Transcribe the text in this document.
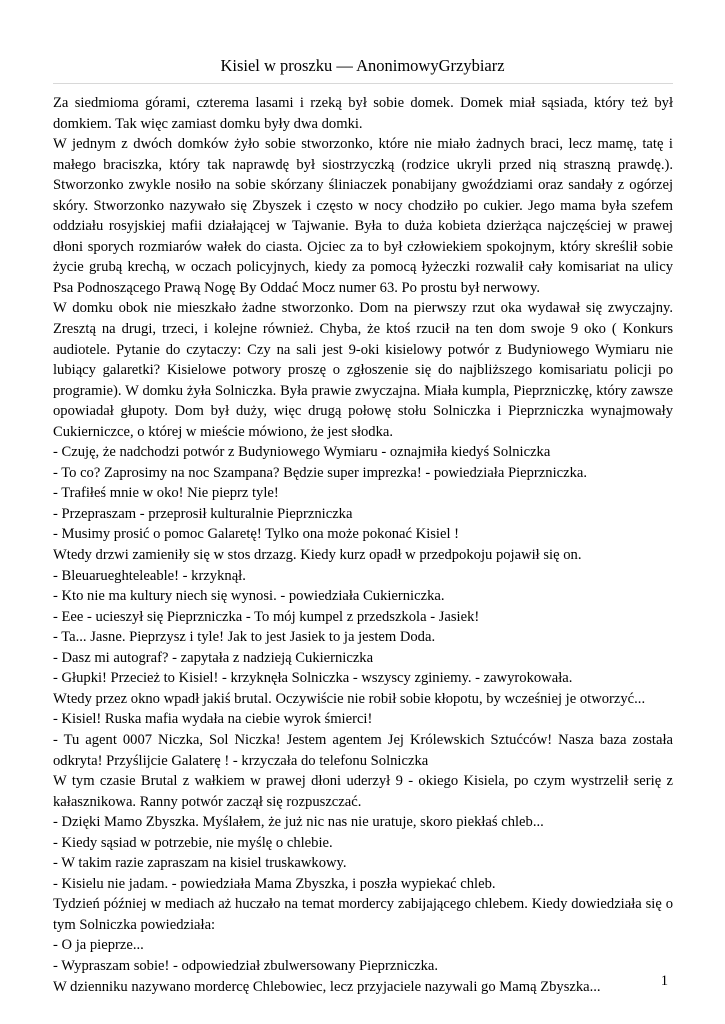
Kisiel w proszku — AnonimowyGrzybiarz

Za siedmioma górami, czterema lasami i rzeką był sobie domek. Domek miał sąsiada, który też był domkiem. Tak więc zamiast domku były dwa domki.

W jednym z dwóch domków żyło sobie stworzonko, które nie miało żadnych braci, lecz mamę, tatę i małego braciszka, który tak naprawdę był siostrzyczką (rodzice ukryli przed nią straszną prawdę.). Stworzonko zwykle nosiło na sobie skórzany śliniaczek ponabijany gwoździami oraz sandały z ogórzej skóry. Stworzonko nazywało się Zbyszek i często w nocy chodziło po cukier. Jego mama była szefem oddziału rosyjskiej mafii działającej w Tajwanie. Była to duża kobieta dzierżąca najczęściej w prawej dłoni sporych rozmiarów wałek do ciasta. Ojciec za to był człowiekiem spokojnym, który skreślił sobie życie grubą krechą, w oczach policyjnych, kiedy za pomocą łyżeczki rozwalił cały komisariat na ulicy Psa Podnoszącego Prawą Nogę By Oddać Mocz numer 63. Po prostu był nerwowy.

W domku obok nie mieszkało żadne stworzonko. Dom na pierwszy rzut oka wydawał się zwyczajny. Zresztą na drugi, trzeci, i kolejne również. Chyba, że ktoś rzucił na ten dom swoje 9 oko ( Konkurs audiotele. Pytanie do czytaczy: Czy na sali jest 9-oki kisielowy potwór z Budyniowego Wymiaru nie lubiący galaretki? Kisielowe potwory proszę o zgłoszenie się do najbliższego komisariatu policji po programie). W domku żyła Solniczka. Była prawie zwyczajna. Miała kumpla, Pieprzniczkę, który zawsze opowiadał głupoty. Dom był duży, więc drugą połowę stołu Solniczka i Pieprzniczka wynajmowały Cukierniczce, o której w mieście mówiono, że jest słodka.

- Czuję, że nadchodzi potwór z Budyniowego Wymiaru - oznajmiła kiedyś Solniczka

- To co? Zaprosimy na noc Szampana? Będzie super imprezka! - powiedziała Pieprzniczka.

- Trafiłeś mnie w oko! Nie pieprz tyle!

- Przepraszam - przeprosił kulturalnie Pieprzniczka

- Musimy prosić o pomoc Galaretę! Tylko ona może pokonać Kisiel !

Wtedy drzwi zamieniły się w stos drzazg. Kiedy kurz opadł w przedpokoju pojawił się on.

- Bleuarueghteleable! - krzyknął.

- Kto nie ma kultury niech się wynosi. - powiedziała Cukierniczka.

- Eee - ucieszył się Pieprzniczka - To mój kumpel z przedszkola - Jasiek!

- Ta... Jasne. Pieprzysz i tyle! Jak to jest Jasiek to ja jestem Doda.

- Dasz mi autograf? - zapytała z nadzieją Cukierniczka

- Głupki! Przecież to Kisiel! - krzyknęła Solniczka - wszyscy zginiemy. - zawyrokowała.

Wtedy przez okno wpadł jakiś brutal. Oczywiście nie robił sobie kłopotu, by wcześniej je otworzyć...

- Kisiel! Ruska mafia wydała na ciebie wyrok śmierci!

- Tu agent 0007 Niczka, Sol Niczka! Jestem agentem Jej Królewskich Sztućców! Nasza baza została odkryta! Przyślijcie Galaterę ! - krzyczała do telefonu Solniczka

W tym czasie Brutal z wałkiem w prawej dłoni uderzył 9 - okiego Kisiela, po czym wystrzelił serię z kałasznikowa. Ranny potwór zaczął się rozpuszczać.

- Dzięki Mamo Zbyszka. Myślałem, że już nic nas nie uratuje, skoro piekłaś chleb...

- Kiedy sąsiad w potrzebie, nie myślę o chlebie.

- W takim razie zapraszam na kisiel truskawkowy.

- Kisielu nie jadam. - powiedziała Mama Zbyszka, i poszła wypiekać chleb.

Tydzień później w mediach aż huczało na temat mordercy zabijającego chlebem. Kiedy dowiedziała się o tym Solniczka powiedziała:

- O ja pieprze...

- Wypraszam sobie! - odpowiedział zbulwersowany Pieprzniczka.

W dzienniku nazywano mordercę Chlebowiec, lecz przyjaciele nazywali go Mamą Zbyszka...	1
